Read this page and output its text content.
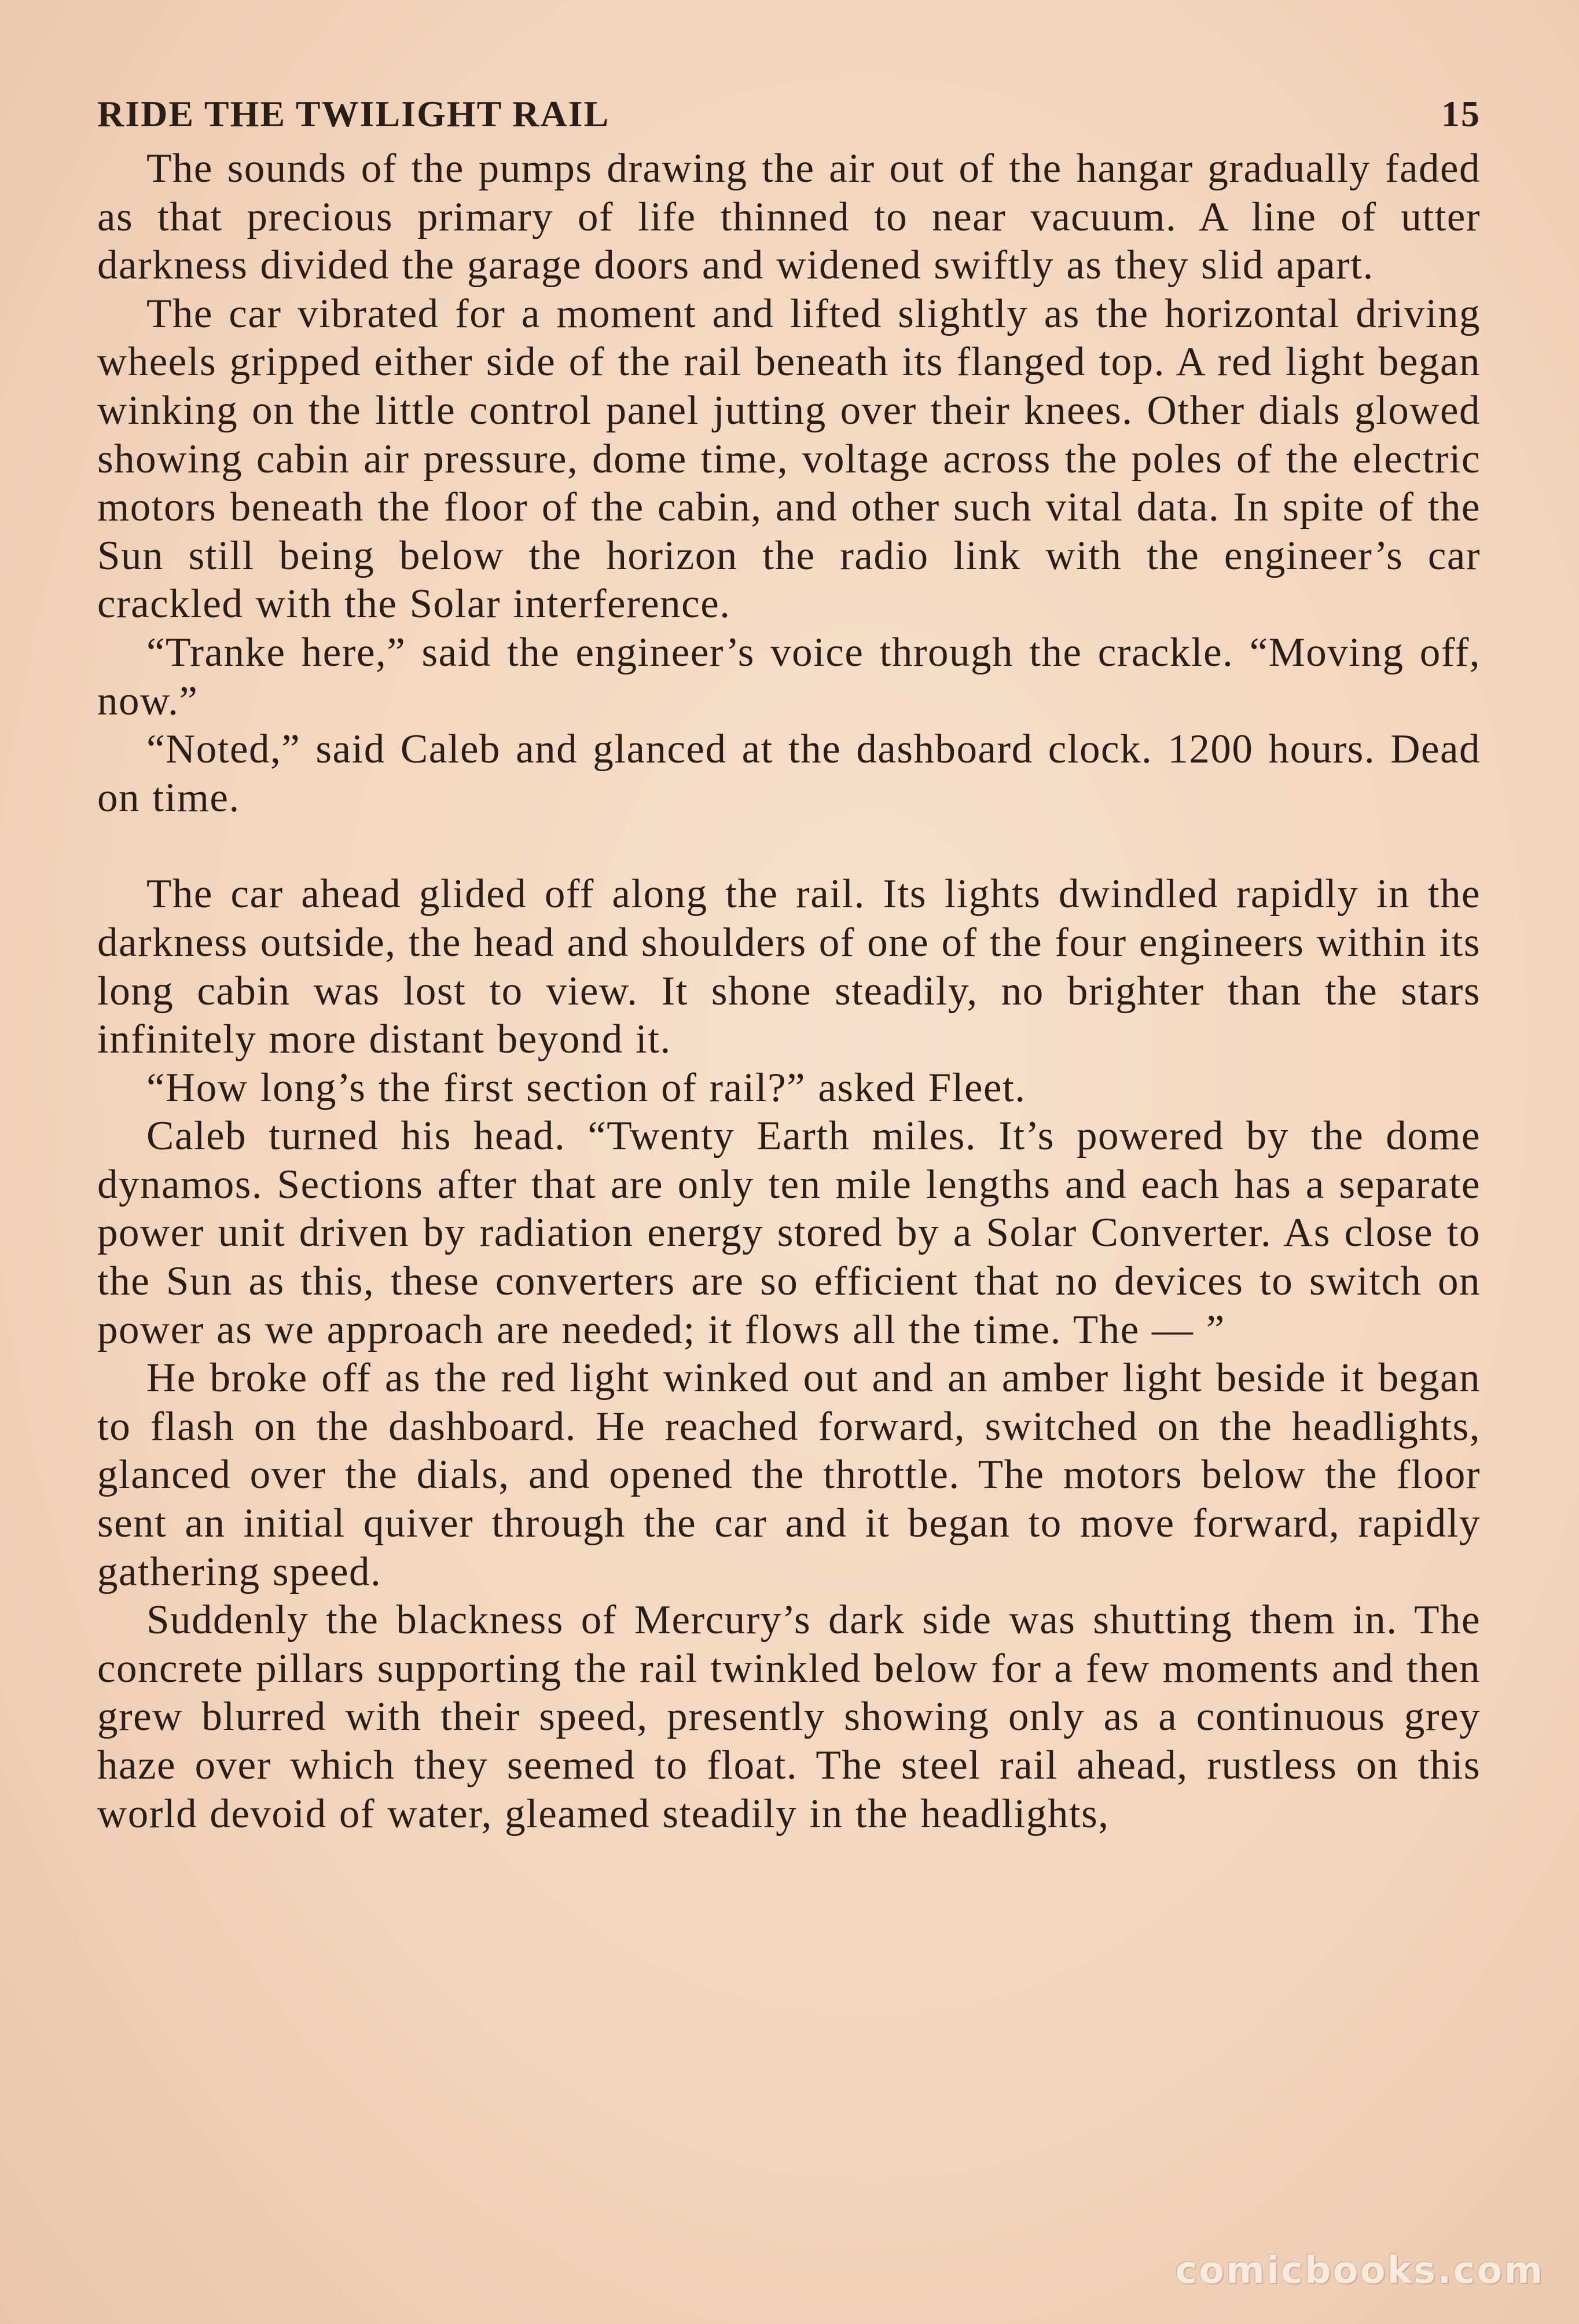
RIDE THE TWILIGHT RAIL	15

The sounds of the pumps drawing the air out of the hangar gradually faded as that precious primary of life thinned to near vacuum. A line of utter darkness divided the garage doors and widened swiftly as they slid apart.

The car vibrated for a moment and lifted slightly as the horizontal driving wheels gripped either side of the rail beneath its flanged top. A red light began winking on the little control panel jutting over their knees. Other dials glowed showing cabin air pressure, dome time, voltage across the poles of the electric motors beneath the floor of the cabin, and other such vital data. In spite of the Sun still being below the horizon the radio link with the engineer’s car crackled with the Solar interference.

“Tranke here,” said the engineer’s voice through the crackle. “Moving off, now.”

“Noted,” said Caleb and glanced at the dashboard clock. 1200 hours. Dead on time.

The car ahead glided off along the rail. Its lights dwindled rapidly in the darkness outside, the head and shoulders of one of the four engineers within its long cabin was lost to view. It shone steadily, no brighter than the stars infinitely more distant beyond it.

“How long’s the first section of rail?” asked Fleet.

Caleb turned his head. “Twenty Earth miles. It’s powered by the dome dynamos. Sections after that are only ten mile lengths and each has a separate power unit driven by radiation energy stored by a Solar Converter. As close to the Sun as this, these converters are so efficient that no devices to switch on power as we approach are needed; it flows all the time. The — ”

He broke off as the red light winked out and an amber light beside it began to flash on the dashboard. He reached forward, switched on the headlights, glanced over the dials, and opened the throttle. The motors below the floor sent an initial quiver through the car and it began to move forward, rapidly gathering speed.

Suddenly the blackness of Mercury’s dark side was shutting them in. The concrete pillars supporting the rail twinkled below for a few moments and then grew blurred with their speed, presently showing only as a continuous grey haze over which they seemed to float. The steel rail ahead, rustless on this world devoid of water, gleamed steadily in the headlights,

comicbooks.com
